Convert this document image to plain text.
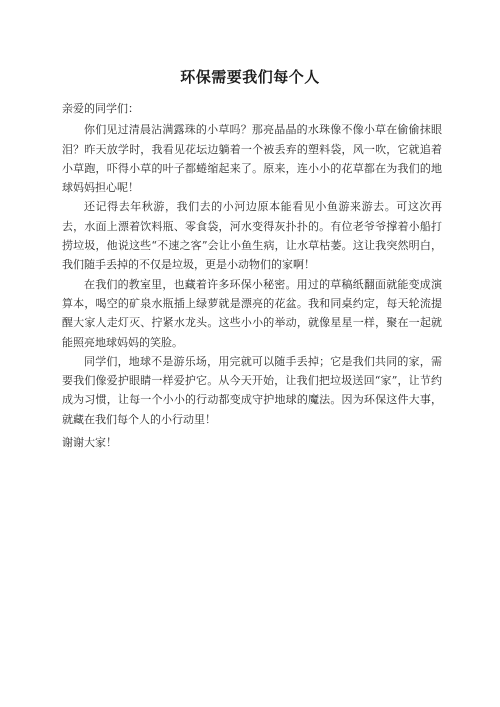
环保需要我们每个人

亲爱的同学们：

你们见过清晨沾满露珠的小草吗？那亮晶晶的水珠像不像小草在偷偷抹眼泪？昨天放学时，我看见花坛边躺着一个被丢弃的塑料袋，风一吹，它就追着小草跑，吓得小草的叶子都蜷缩起来了。原来，连小小的花草都在为我们的地球妈妈担心呢！

还记得去年秋游，我们去的小河边原本能看见小鱼游来游去。可这次再去，水面上漂着饮料瓶、零食袋，河水变得灰扑扑的。有位老爷爷撑着小船打捞垃圾，他说这些“不速之客”会让小鱼生病，让水草枯萎。这让我突然明白，我们随手丢掉的不仅是垃圾，更是小动物们的家啊！

在我们的教室里，也藏着许多环保小秘密。用过的草稿纸翻面就能变成演算本，喝空的矿泉水瓶插上绿萝就是漂亮的花盆。我和同桌约定，每天轮流提醒大家人走灯灭、拧紧水龙头。这些小小的举动，就像星星一样，聚在一起就能照亮地球妈妈的笑脸。

同学们，地球不是游乐场，用完就可以随手丢掉；它是我们共同的家，需要我们像爱护眼睛一样爱护它。从今天开始，让我们把垃圾送回“家”，让节约成为习惯，让每一个小小的行动都变成守护地球的魔法。因为环保这件大事，就藏在我们每个人的小行动里！

谢谢大家！
